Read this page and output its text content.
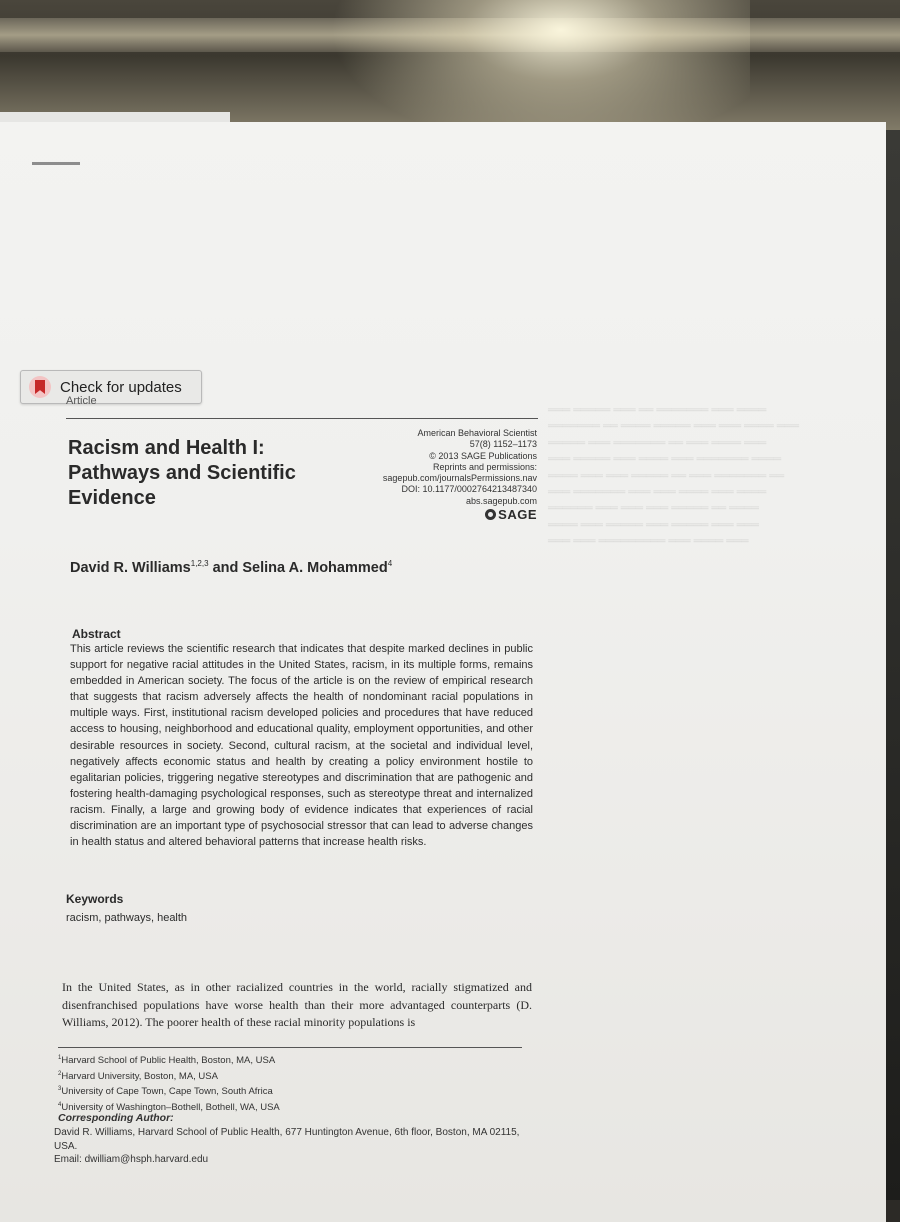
═══ ═════ ═══ ══ ═══════ ═══ ════
═══════ ══ ════ ═════ ═══ ═══ ════ ═══
═════ ═══ ═══════ ══ ═══ ════ ═══
═══ ═════ ═══ ════ ═══ ═══════ ════
════ ═══ ═══ ═════ ══ ═══ ═══════ ══
═══ ═══════ ═══ ═══ ════ ═══ ════
══════ ═══ ═══ ═══ ═════ ══ ════
════ ═══ ═════ ═══ ═════ ═══ ═══
═══ ═══ ═════════ ═══ ════ ═══
Check for updates
Article
Racism and Health I:
Pathways and Scientific
Evidence
American Behavioral Scientist
57(8) 1152–1173
© 2013 SAGE Publications
Reprints and permissions:
sagepub.com/journalsPermissions.nav
DOI: 10.1177/0002764213487340
abs.sagepub.com
SAGE
David R. Williams$^{1,2,3}$ and Selina A. Mohammed$^4$
Abstract
This article reviews the scientific research that indicates that despite marked declines in public support for negative racial attitudes in the United States, racism, in its multiple forms, remains embedded in American society. The focus of the article is on the review of empirical research that suggests that racism adversely affects the health of nondominant racial populations in multiple ways. First, institutional racism developed policies and procedures that have reduced access to housing, neighborhood and educational quality, employment opportunities, and other desirable resources in society. Second, cultural racism, at the societal and individual level, negatively affects economic status and health by creating a policy environment hostile to egalitarian policies, triggering negative stereotypes and discrimination that are pathogenic and fostering health-damaging psychological responses, such as stereotype threat and internalized racism. Finally, a large and growing body of evidence indicates that experiences of racial discrimination are an important type of psychosocial stressor that can lead to adverse changes in health status and altered behavioral patterns that increase health risks.
Keywords
racism, pathways, health
In the United States, as in other racialized countries in the world, racially stigmatized and disenfranchised populations have worse health than their more advantaged counterparts (D. Williams, 2012). The poorer health of these racial minority populations is
$^1$Harvard School of Public Health, Boston, MA, USA
$^2$Harvard University, Boston, MA, USA
$^3$University of Cape Town, Cape Town, South Africa
$^4$University of Washington–Bothell, Bothell, WA, USA
Corresponding Author:
David R. Williams, Harvard School of Public Health, 677 Huntington Avenue, 6th floor, Boston, MA 02115, USA.
Email: dwilliam@hsph.harvard.edu
